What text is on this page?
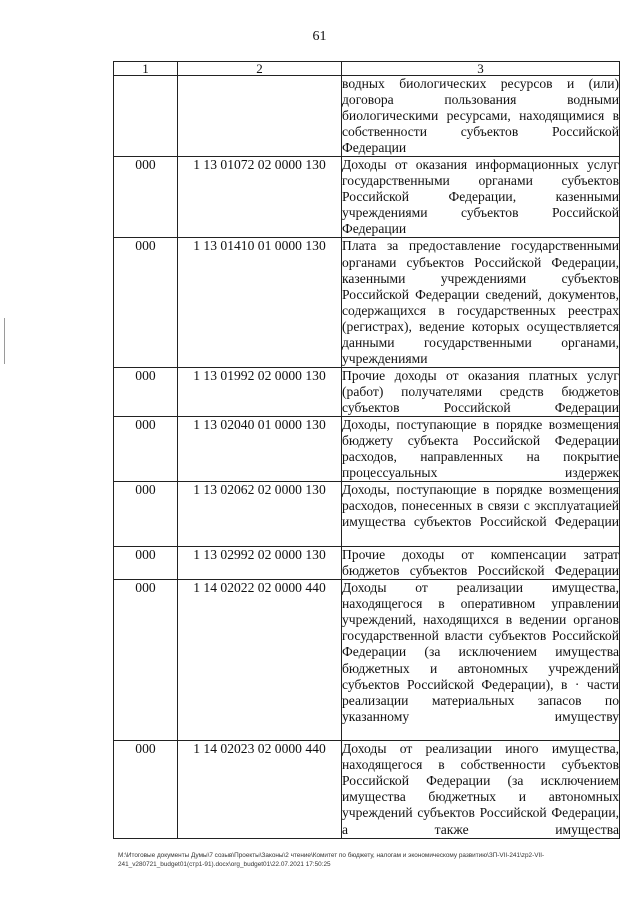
61
1	2	3
		водных биологических ресурсов и (или) договора пользования водными биологическими ресурсами, находящимися в собственности субъектов Российской Федерации
000	1 13 01072 02 0000 130	Доходы от оказания информационных услуг государственными органами субъектов Российской Федерации, казенными учреждениями субъектов Российской Федерации
000	1 13 01410 01 0000 130	Плата за предоставление государственными органами субъектов Российской Федерации, казенными учреждениями субъектов Российской Федерации сведений, документов, содержащихся в государственных реестрах (регистрах), ведение которых осуществляется данными государственными органами, учреждениями
000	1 13 01992 02 0000 130	Прочие доходы от оказания платных услуг (работ) получателями средств бюджетов субъектов Российской Федерации
000	1 13 02040 01 0000 130	Доходы, поступающие в порядке возмещения бюджету субъекта Российской Федерации расходов, направленных на покрытие процессуальных издержек
000	1 13 02062 02 0000 130	Доходы, поступающие в порядке возмещения расходов, понесенных в связи с эксплуатацией имущества субъектов Российской Федерации
000	1 13 02992 02 0000 130	Прочие доходы от компенсации затрат бюджетов субъектов Российской Федерации
000	1 14 02022 02 0000 440	Доходы от реализации имущества, находящегося в оперативном управлении учреждений, находящихся в ведении органов государственной власти субъектов Российской Федерации (за исключением имущества бюджетных и автономных учреждений субъектов Российской Федерации), в · части реализации материальных запасов по указанному имуществу
000	1 14 02023 02 0000 440	Доходы от реализации иного имущества, находящегося в собственности субъектов Российской Федерации (за исключением имущества бюджетных и автономных учреждений субъектов Российской Федерации, а также имущества
M:\Итоговые документы Думы\7 созыв\Проекты\Законы\2 чтение\Комитет по бюджету, налогам и экономическому развитию\ЗП-VII-241\zp2-VII-241_v280721_budget01(стр1-91).docx\org_budget01\22.07.2021 17:50:25
